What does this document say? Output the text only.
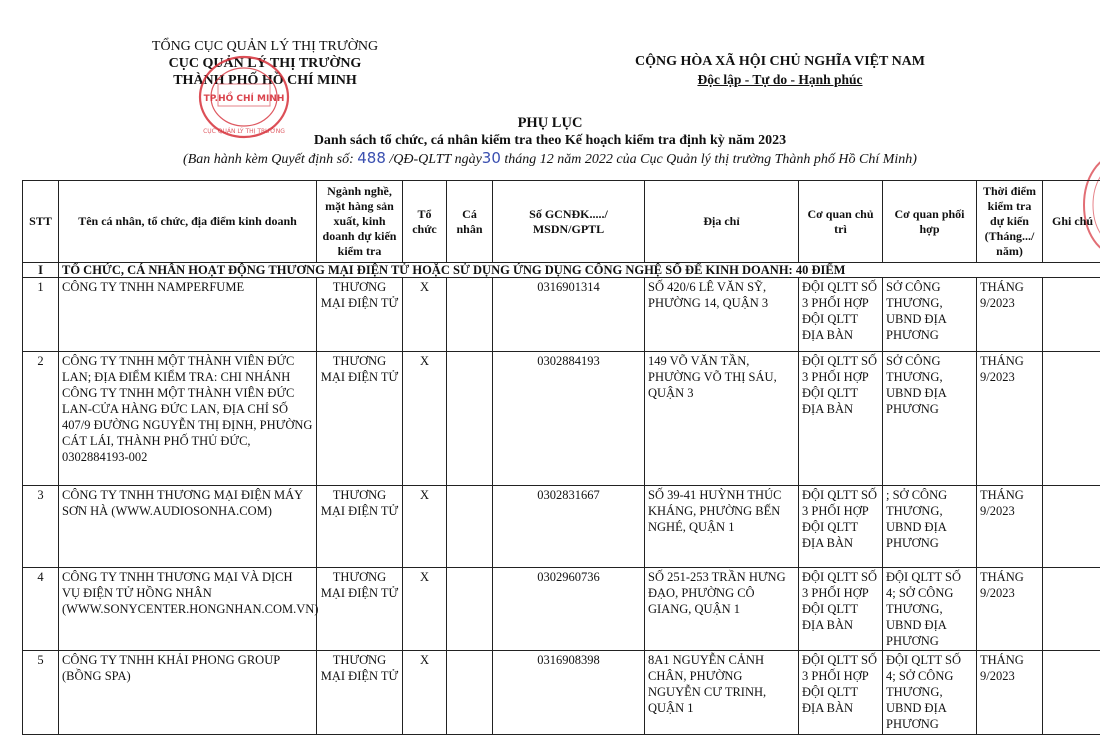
TỔNG CỤC QUẢN LÝ THỊ TRƯỜNG
CỤC QUẢN LÝ THỊ TRƯỜNG
THÀNH PHỐ HỒ CHÍ MINH
TP.HỒ CHÍ MINH
CỤC QUẢN LÝ THỊ TRƯỜNG
CỘNG HÒA XÃ HỘI CHỦ NGHĨA VIỆT NAM
Độc lập - Tự do - Hạnh phúc
PHỤ LỤC
Danh sách tổ chức, cá nhân kiểm tra theo Kế hoạch kiểm tra định kỳ năm 2023
(Ban hành kèm Quyết định số: 488 /QĐ-QLTT ngày30 tháng 12 năm 2022 của Cục Quản lý thị trường Thành phố Hồ Chí Minh)
STT	Tên cá nhân, tổ chức, địa điểm kinh doanh	Ngành nghề, mặt hàng sản xuất, kinh doanh dự kiến kiểm tra	Tổ chức	Cá nhân	Số GCNĐK...../ MSDN/GPTL	Địa chỉ	Cơ quan chủ trì	Cơ quan phối hợp	Thời điểm kiểm tra dự kiến (Tháng.../ năm)	Ghi chú
I	TỔ CHỨC, CÁ NHÂN HOẠT ĐỘNG THƯƠNG MẠI ĐIỆN TỬ HOẶC SỬ DỤNG ỨNG DỤNG CÔNG NGHỆ SỐ ĐỂ KINH DOANH: 40 ĐIỂM									
1	CÔNG TY TNHH NAMPERFUME	THƯƠNG MẠI ĐIỆN TỬ	X		0316901314	SỐ 420/6 LÊ VĂN SỸ, PHƯỜNG 14, QUẬN 3	ĐỘI QLTT SỐ 3 PHỐI HỢP ĐỘI QLTT ĐỊA BÀN	SỞ CÔNG THƯƠNG, UBND ĐỊA PHƯƠNG	THÁNG 9/2023	
2	CÔNG TY TNHH MỘT THÀNH VIÊN ĐỨC LAN; ĐỊA ĐIỂM KIỂM TRA: CHI NHÁNH CÔNG TY TNHH MỘT THÀNH VIÊN ĐỨC LAN-CỬA HÀNG ĐỨC LAN, ĐỊA CHỈ SỐ 407/9 ĐƯỜNG NGUYỄN THỊ ĐỊNH, PHƯỜNG CÁT LÁI, THÀNH PHỐ THỦ ĐỨC, 0302884193-002	THƯƠNG MẠI ĐIỆN TỬ	X		0302884193	149 VÕ VĂN TẦN, PHƯỜNG VÕ THỊ SÁU, QUẬN 3	ĐỘI QLTT SỐ 3 PHỐI HỢP ĐỘI QLTT ĐỊA BÀN	SỞ CÔNG THƯƠNG, UBND ĐỊA PHƯƠNG	THÁNG 9/2023	
3	CÔNG TY TNHH THƯƠNG MẠI ĐIỆN MÁY SƠN HÀ (WWW.AUDIOSONHA.COM)	THƯƠNG MẠI ĐIỆN TỬ	X		0302831667	SỐ 39-41 HUỲNH THÚC KHÁNG, PHƯỜNG BẾN NGHÉ, QUẬN 1	ĐỘI QLTT SỐ 3 PHỐI HỢP ĐỘI QLTT ĐỊA BÀN	; SỞ CÔNG THƯƠNG, UBND ĐỊA PHƯƠNG	THÁNG 9/2023	
4	CÔNG TY TNHH THƯƠNG MẠI VÀ DỊCH VỤ ĐIỆN TỬ HỒNG NHÂN (WWW.SONYCENTER.HONGNHAN.COM.VN)	THƯƠNG MẠI ĐIỆN TỬ	X		0302960736	SỐ 251-253 TRẦN HƯNG ĐẠO, PHƯỜNG CÔ GIANG, QUẬN 1	ĐỘI QLTT SỐ 3 PHỐI HỢP ĐỘI QLTT ĐỊA BÀN	ĐỘI QLTT SỐ 4; SỞ CÔNG THƯƠNG, UBND ĐỊA PHƯƠNG	THÁNG 9/2023	
5	CÔNG TY TNHH KHẢI PHONG GROUP (BỒNG SPA)	THƯƠNG MẠI ĐIỆN TỬ	X		0316908398	8A1 NGUYỄN CẢNH CHÂN, PHƯỜNG NGUYỄN CƯ TRINH, QUẬN 1	ĐỘI QLTT SỐ 3 PHỐI HỢP ĐỘI QLTT ĐỊA BÀN	ĐỘI QLTT SỐ 4; SỞ CÔNG THƯƠNG, UBND ĐỊA PHƯƠNG	THÁNG 9/2023	
